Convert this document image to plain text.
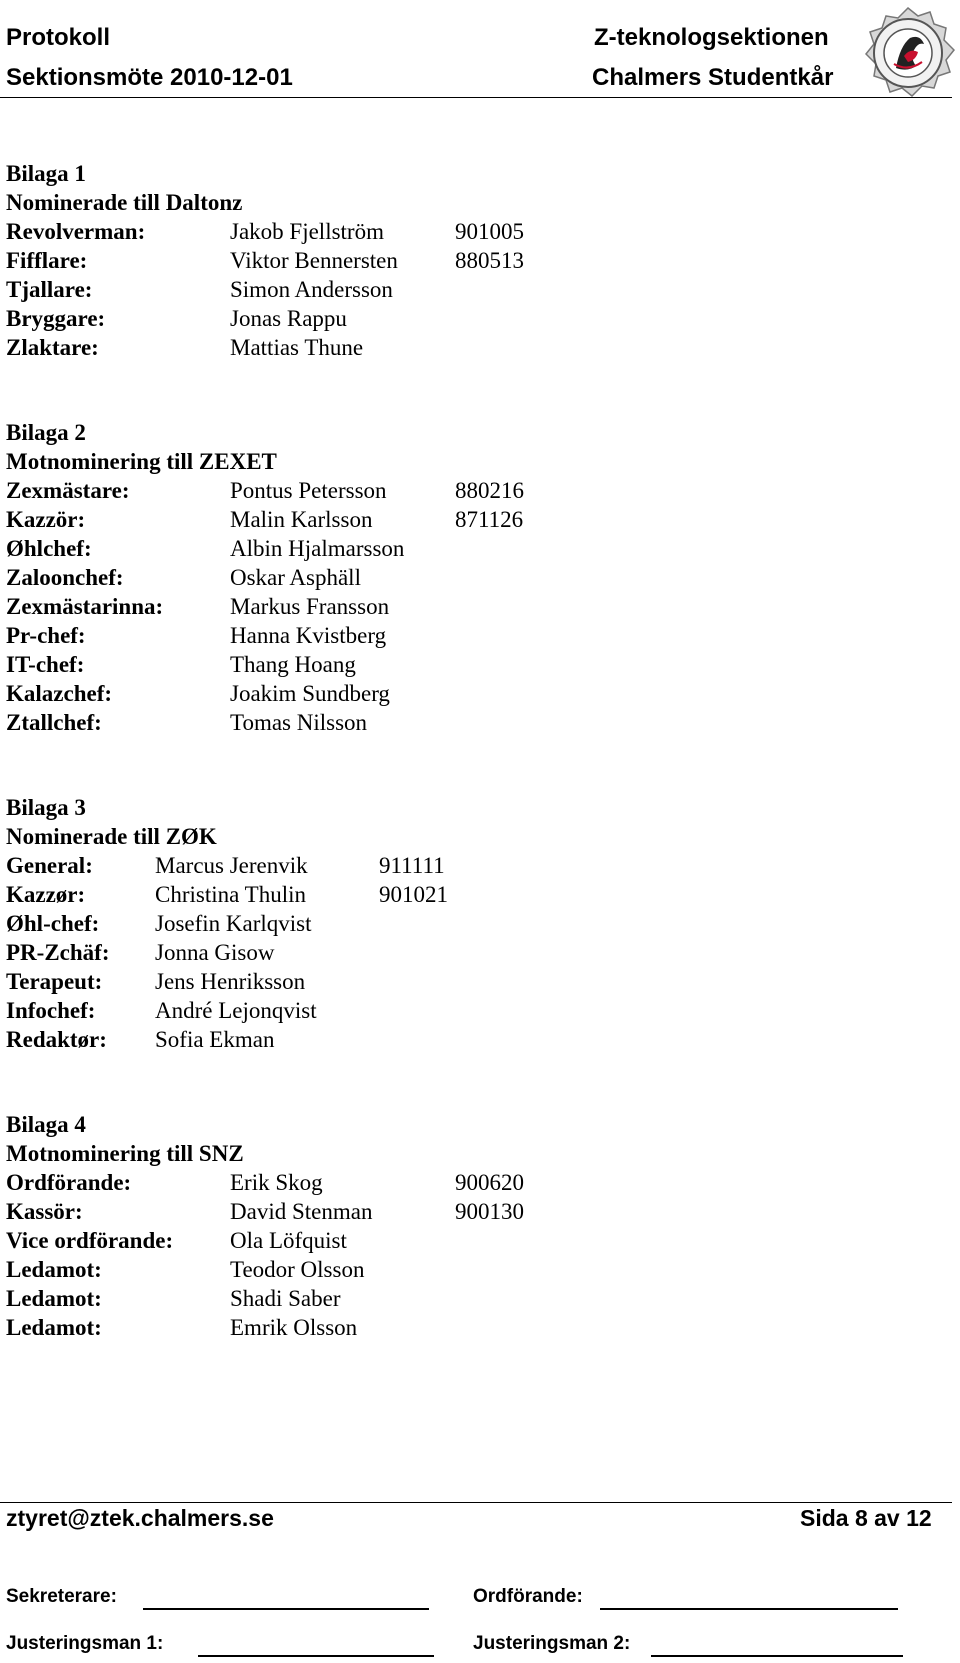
Protokoll
Sektionsmöte 2010-12-01
Z-teknologsektionen
Chalmers Studentkår
Bilaga 1
Nominerade till Daltonz
Revolverman:	Jakob Fjellström	901005
Fifflare:	Viktor Bennersten 880513
Tjallare:	Simon Andersson
Bryggare:	Jonas Rappu
Zlaktare:	Mattias Thune
Bilaga 2
Motnominering till ZEXET
Zexmästare:	Pontus Petersson	880216
Kazzör:	Malin Karlsson	871126
Øhlchef:	Albin Hjalmarsson
Zaloonchef:	Oskar Asphäll
Zexmästarinna:	Markus Fransson
Pr-chef:	Hanna Kvistberg
IT-chef:	Thang Hoang
Kalazchef:	Joakim Sundberg
Ztallchef:	Tomas Nilsson
Bilaga 3
Nominerade till ZØK
General:	Marcus Jerenvik	911111
Kazzør:	Christina Thulin	901021
Øhl-chef: Josefin Karlqvist
PR-Zchäf: Jonna Gisow
Terapeut: Jens Henriksson
Infochef:	André Lejonqvist
Redaktør: Sofia Ekman
Bilaga 4
Motnominering till SNZ
Ordförande:	Erik Skog	900620
Kassör:	David Stenman	900130
Vice ordförande: Ola Löfquist
Ledamot:	Teodor Olsson
Ledamot:	Shadi Saber
Ledamot:	Emrik Olsson
ztyret@ztek.chalmers.se	Sida 8 av 12
Sekreterare:	Ordförande:
Justeringsman 1:	Justeringsman 2:
